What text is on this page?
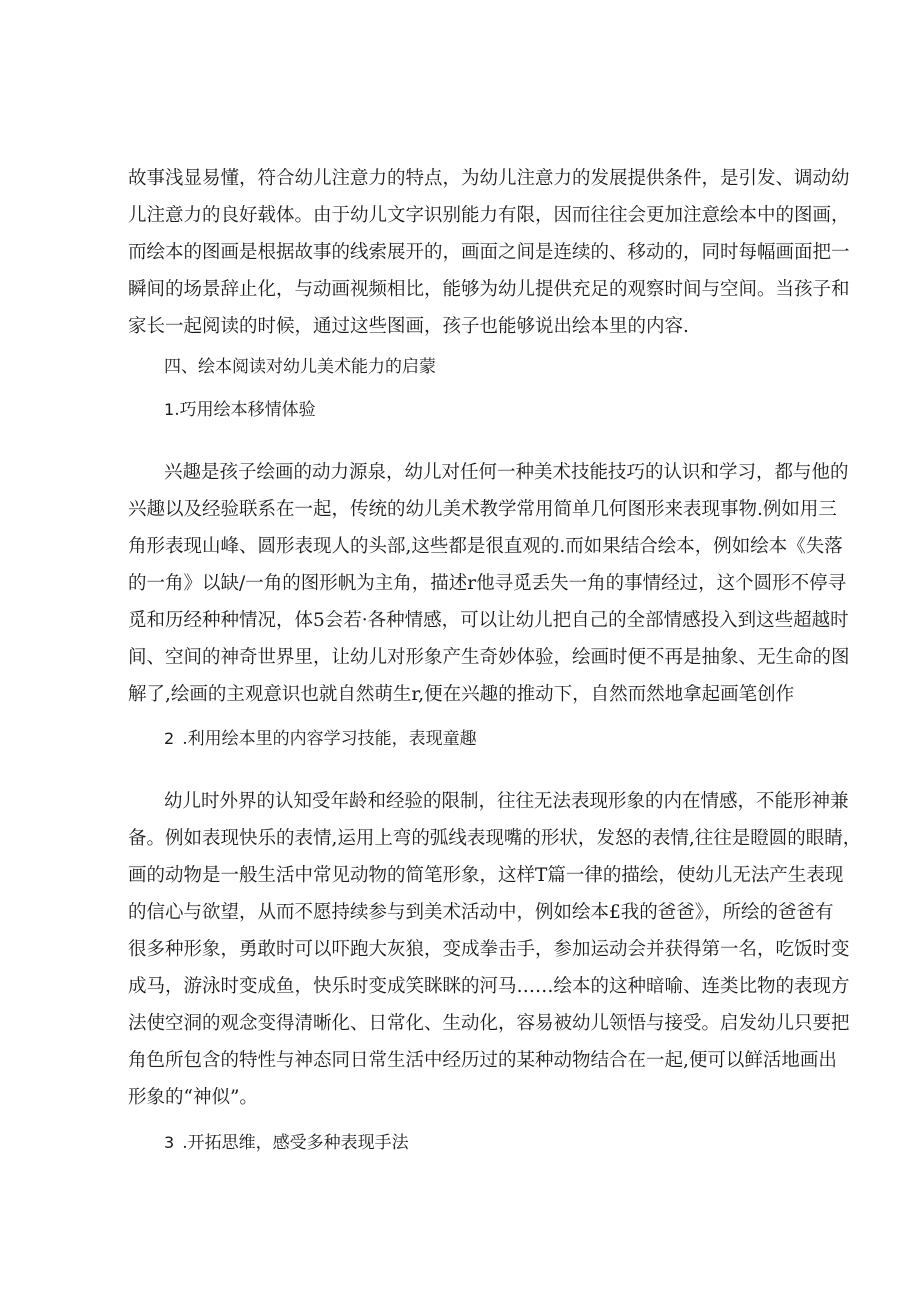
故事浅显易懂，符合幼儿注意力的特点，为幼儿注意力的发展提供条件，是引发、调动幼
儿注意力的良好载体。由于幼儿文字识别能力有限，因而往往会更加注意绘本中的图画，
而绘本的图画是根据故事的线索展开的，画面之间是连续的、移动的，同时每幅画面把一
瞬间的场景辞止化，与动画视频相比，能够为幼儿提供充足的观察时间与空间。当孩子和
家长一起阅读的时候，通过这些图画，孩子也能够说出绘本里的内容.
四、绘本阅读对幼儿美术能力的启蒙
1.巧用绘本移情体验
兴趣是孩子绘画的动力源泉，幼儿对任何一种美术技能技巧的认识和学习，都与他的
兴趣以及经验联系在一起，传统的幼儿美术教学常用简单几何图形来表现事物.例如用三
角形表现山峰、圆形表现人的头部,这些都是很直观的.而如果结合绘本，例如绘本《失落
的一角》以缺/一角的图形帆为主角，描述r他寻觅丢失一角的事情经过，这个圆形不停寻
觅和历经种种情况，体5会若·各种情感，可以让幼儿把自己的全部情感投入到这些超越时
间、空间的神奇世界里，让幼儿对形象产生奇妙体验，绘画时便不再是抽象、无生命的图
解了,绘画的主观意识也就自然萌生r,便在兴趣的推动下，自然而然地拿起画笔创作
2 .利用绘本里的内容学习技能，表现童趣
幼儿时外界的认知受年龄和经验的限制，往往无法表现形象的内在情感，不能形神兼
备。例如表现快乐的表情,运用上弯的弧线表现嘴的形状，发怒的表情,往往是瞪圆的眼睛，
画的动物是一般生活中常见动物的简笔形象，这样T篇一律的描绘，使幼儿无法产生表现
的信心与欲望，从而不愿持续参与到美术活动中，例如绘本£我的爸爸》，所绘的爸爸有
很多种形象，勇敢时可以吓跑大灰狼，变成拳击手，参加运动会并获得第一名，吃饭时变
成马，游泳时变成鱼，快乐时变成笑眯眯的河马……绘本的这种暗喻、连类比物的表现方
法使空洞的观念变得清晰化、日常化、生动化，容易被幼儿领悟与接受。启发幼儿只要把
角色所包含的特性与神态同日常生活中经历过的某种动物结合在一起,便可以鲜活地画出
形象的“神似”。
3 .开拓思维，感受多种表现手法
